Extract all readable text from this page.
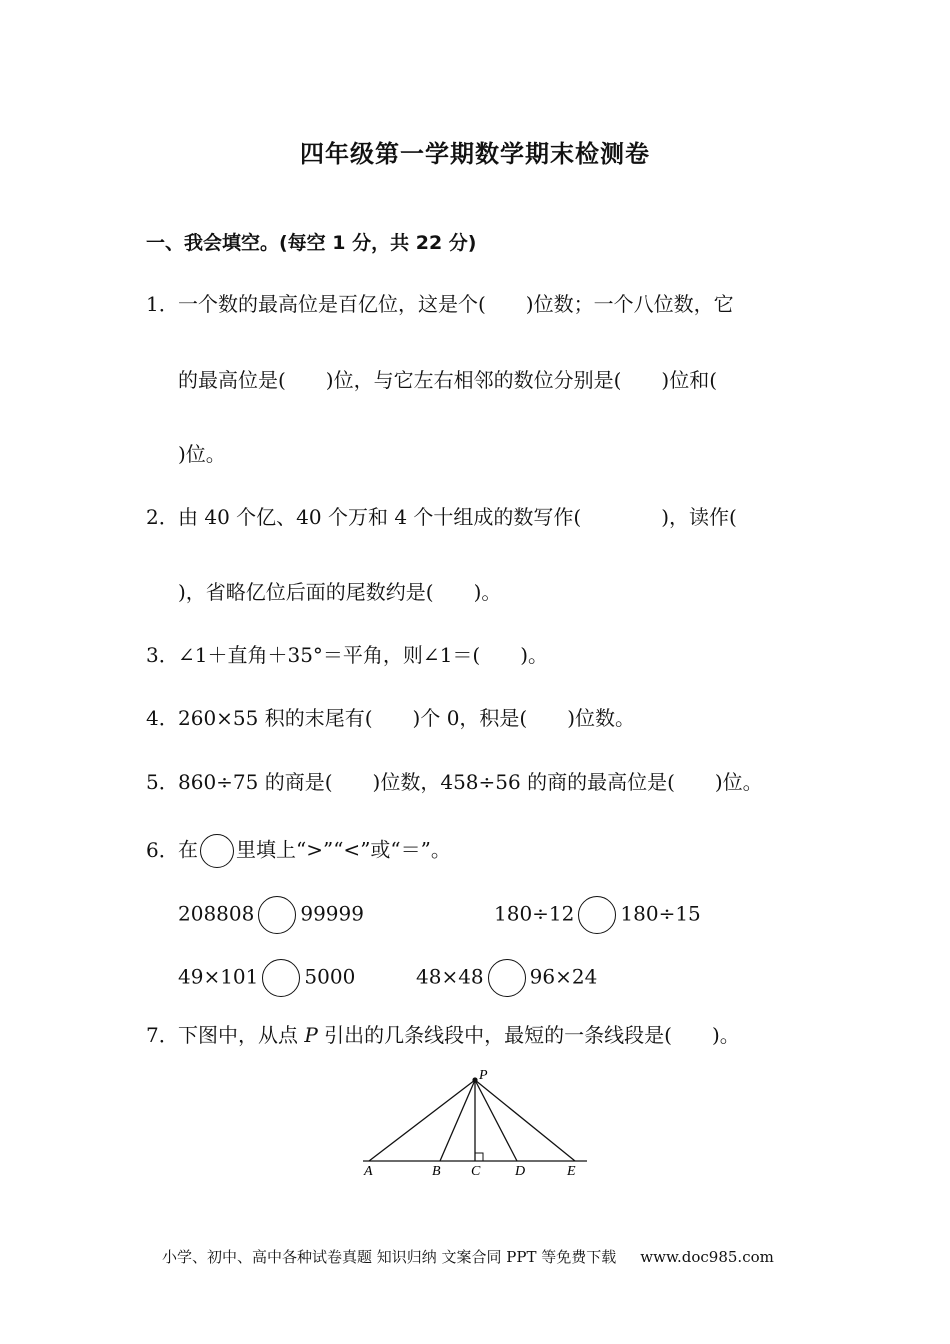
四年级第一学期数学期末检测卷
一、我会填空。(每空 1 分，共 22 分)
1．一个数的最高位是百亿位，这是个(　　)位数；一个八位数，它
的最高位是(　　)位，与它左右相邻的数位分别是(　　)位和(
)位。
2．由 40 个亿、40 个万和 4 个十组成的数写作(　　　　)，读作(
)，省略亿位后面的尾数约是(　　)。
3．∠1＋直角＋35°＝平角，则∠1＝(　　)。
4．260×55 积的末尾有(　　)个 0，积是(　　)位数。
5．860÷75 的商是(　　)位数，458÷56 的商的最高位是(　　)位。
6．在 里填上“>”“<”或“＝”。
208808 99999	180÷12 180÷15
49×101 5000	48×48 96×24
7．下图中，从点 P 引出的几条线段中，最短的一条线段是(　　)。
P
A	B C D	E
小学、初中、高中各种试卷真题 知识归纳 文案合同 PPT 等免费下载 www.doc985.com
